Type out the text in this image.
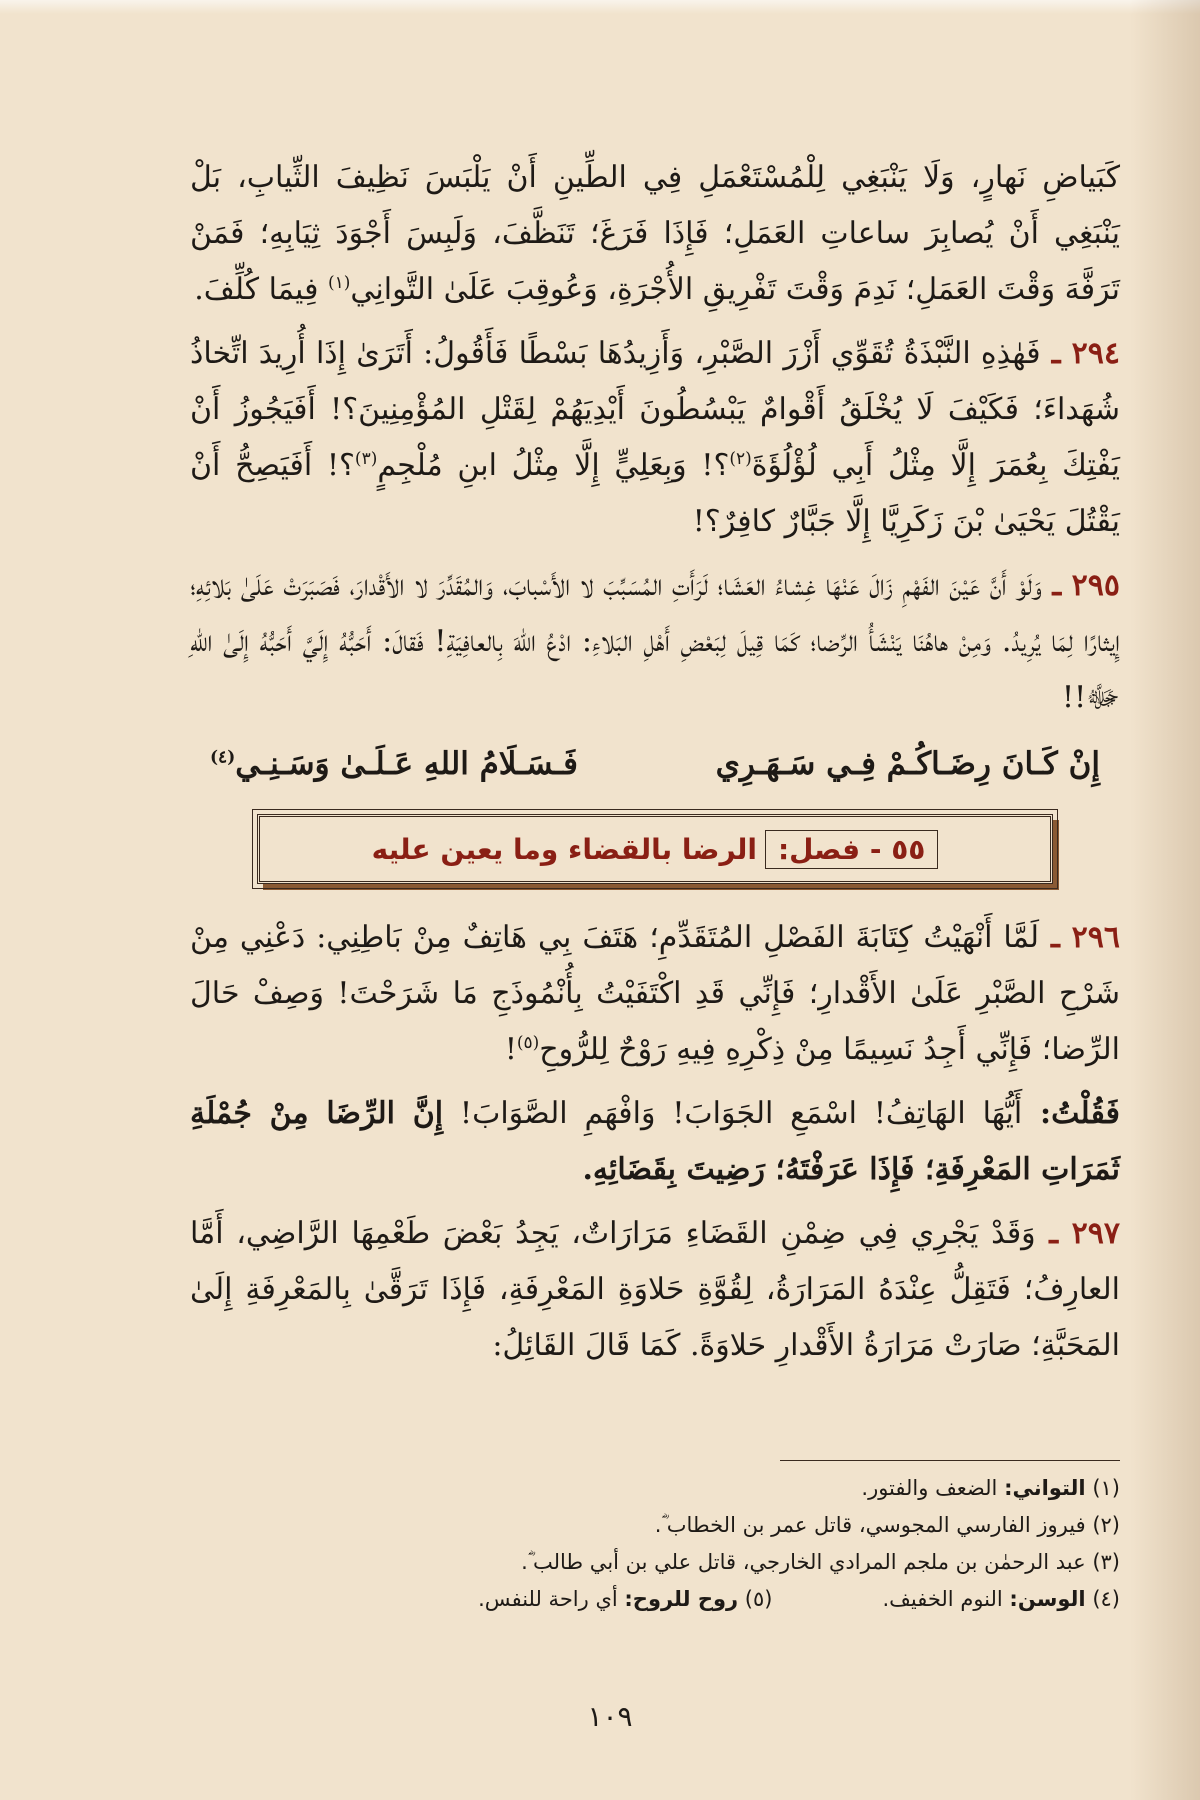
كَبَياضِ نَهارٍ، وَلَا يَنْبَغِي لِلْمُسْتَعْمَلِ فِي الطِّينِ أَنْ يَلْبَسَ نَظِيفَ الثِّيابِ، بَلْ يَنْبَغِي أَنْ يُصابِرَ ساعاتِ العَمَلِ؛ فَإِذَا فَرَغَ؛ تَنَظَّفَ، وَلَبِسَ أَجْوَدَ ثِيَابِهِ؛ فَمَنْ تَرَفَّهَ وَقْتَ العَمَلِ؛ نَدِمَ وَقْتَ تَفْرِيقِ الأُجْرَةِ، وَعُوقِبَ عَلَىٰ التَّوانِي$^{(١)}$ فِيمَا كُلِّفَ.

٢٩٤ ـ فَهٰذِهِ النَّبْذَةُ تُقَوِّي أَزْرَ الصَّبْرِ، وَأَزِيدُهَا بَسْطًا فَأَقُولُ: أَتَرَىٰ إِذَا أُرِيدَ اتِّخاذُ شُهَداءَ؛ فَكَيْفَ لَا يُخْلَقُ أَقْوامٌ يَبْسُطُونَ أَيْدِيَهُمْ لِقَتْلِ المُؤْمِنِينَ؟! أَفَيَجُوزُ أَنْ يَفْتِكَ بِعُمَرَ إِلَّا مِثْلُ أَبِي لُؤْلُؤَةَ$^{(٢)}$؟! وَبِعَلِيٍّ إِلَّا مِثْلُ ابنِ مُلْجِمٍ$^{(٣)}$؟! أَفَيَصِحُّ أَنْ يَقْتُلَ يَحْيَىٰ بْنَ زَكَرِيَّا إِلَّا جَبَّارٌ كافِرٌ؟!

٢٩٥ ـ وَلَوْ أَنَّ عَيْنَ الفَهْمِ زَالَ عَنْهَا غِشاءُ العَشَا؛ لَرَأَتِ المُسَبِّبَ لا الأَسْبابَ، وَالمُقَدِّرَ لا الأَقْدارَ، فَصَبَرَتْ عَلَىٰ بَلائِهِ؛ إِيثارًا لِمَا يُرِيدُ. وَمِنْ هاهُنَا يَنْشَأُ الرِّضا؛ كَمَا قِيلَ لِبَعْضِ أَهْلِ البَلاءِ: ادْعُ اللهَ بِالعافِيَةِ! فَقالَ: أَحَبُّهُ إِلَيَّ أَحَبُّهُ إِلَىٰ اللهِ ﷻ!!

إِنْ كَـانَ رِضَـاكُـمْ فِـي سَـهَـرِي
فَـسَـلَامُ اللهِ عَـلَـىٰ وَسَـنِـي$^{(٤)}$
٥٥ - فصل:
الرضا بالقضاء وما يعين عليه

٢٩٦ ـ لَمَّا أَنْهَيْتُ كِتَابَةَ الفَصْلِ المُتَقَدِّمِ؛ هَتَفَ بِي هَاتِفٌ مِنْ بَاطِنِي: دَعْنِي مِنْ شَرْحِ الصَّبْرِ عَلَىٰ الأَقْدارِ؛ فَإِنِّي قَدِ اكْتَفَيْتُ بِأُنْمُوذَجِ مَا شَرَحْتَ! وَصِفْ حَالَ الرِّضا؛ فَإِنِّي أَجِدُ نَسِيمًا مِنْ ذِكْرِهِ فِيهِ رَوْحٌ لِلرُّوحِ$^{(٥)}$!

فَقُلْتُ: أَيُّهَا الهَاتِفُ! اسْمَعِ الجَوَابَ! وَافْهَمِ الصَّوَابَ! إِنَّ الرِّضَا مِنْ جُمْلَةِ ثَمَرَاتِ المَعْرِفَةِ؛ فَإِذَا عَرَفْتَهُ؛ رَضِيتَ بِقَضَائِهِ.

٢٩٧ ـ وَقَدْ يَجْرِي فِي ضِمْنِ القَضَاءِ مَرَارَاتٌ، يَجِدُ بَعْضَ طَعْمِهَا الرَّاضِي، أَمَّا العارِفُ؛ فَتَقِلُّ عِنْدَهُ المَرَارَةُ، لِقُوَّةِ حَلاوَةِ المَعْرِفَةِ، فَإِذَا تَرَقَّىٰ بِالمَعْرِفَةِ إِلَىٰ المَحَبَّةِ؛ صَارَتْ مَرَارَةُ الأَقْدارِ حَلاوَةً. كَمَا قَالَ القَائِلُ:

(١) التواني: الضعف والفتور.
(٢) فيروز الفارسي المجوسي، قاتل عمر بن الخطاب ؓ.
(٣) عبد الرحمٰن بن ملجم المرادي الخارجي، قاتل علي بن أبي طالب ؓ.
(٤) الوسن: النوم الخفيف.
(٥) روح للروح: أي راحة للنفس.
١٠٩
